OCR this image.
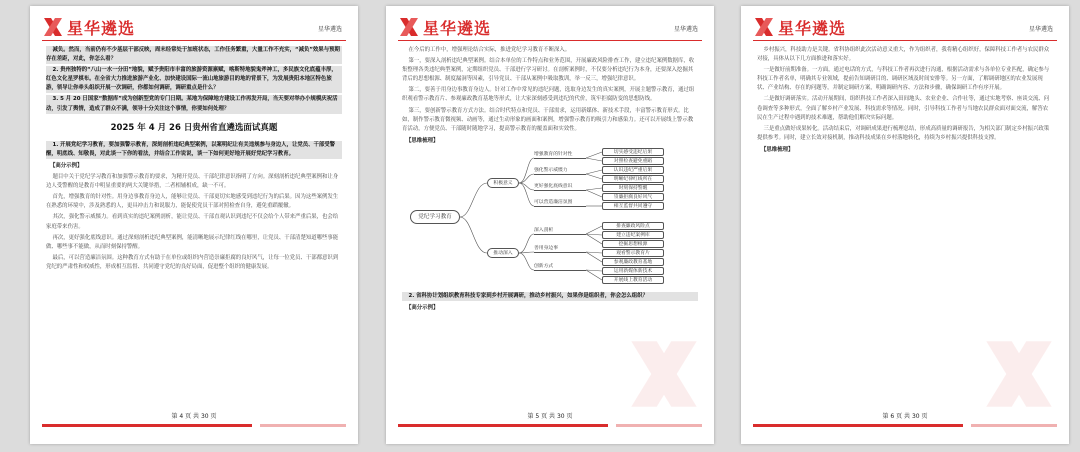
星华遴选	星华遴选

减负。然而，当前仍有不少基层干部反映，周末经常处于加班状态，工作任务繁重，大量工作不充实，“减负”效果与预期存在差距，对此，你怎么看？

2. 贵州独特的“八山一水一分田”地貌，赋予贵阳市丰富的旅游资源禀赋，喀斯特地貌鬼斧神工，多民族文化底蕴丰厚，红色文化星罗棋布。在全省大力推进旅游产业化、加快建设国际一流山地旅游目的地的背景下，为发展贵阳本地区特色旅游，领导让你牵头组织开展一次调研，你都如何调研，调研重点是什么？

3. 5 月 20 日国家“数据库”成为创新型党的专门日期。某地为保障地方建设工作再发开局，当天要对举办小规模庆祝活动，引发了舆情，造成了群众不满，领导十分关注这个事情，你要如何处理？

2025 年 4 月 26 日贵州省直遴选面试真题

1. 开展党纪学习教育，要加强警示教育，深刻剖析违纪典型案例，以案明纪让有关违规参与身边人，让党员、干部受警醒，明底线、知敬畏，对此谈一下你的看法，并结合工作说说，谈一下如何更好地开展好党纪学习教育。

【高分示例】

题目中关于党纪学习教育和加强警示教育的要求，为精开党员、干部纪律意识指明了方向。深刻剖析违纪典型案例和让身边人受警醒的是教育中明显重要的两大关键举措，二者相辅相成，缺一不可。

首先，增强教育的针对性。用身边事教育身边人，能够让党员、干部更切实地感受到违纪行为的后果。因为这些案例发生在熟悉的环境中，涉及熟悉的人，更具冲击力和说服力，能促使党员干部对照检查自身，避免重蹈覆辙。

其次，强化警示威慑力。看到真实的违纪案例剖析，能让党员、干部直观认识到违纪不仅会给个人带来严重后果，也会给家庭带来伤害。

再次，更好强化底线意识。通过深刻剖析违纪典型案例，能清晰地展示纪律红线在哪里，让党员、干部清楚知道哪些事能做、哪些事不能做，从而时刻保持警醒。

最后，可以营造廉洁氛围。这种教育方式有助于在单位或组织内营造崇廉拒腐的良好风气，让每一位党员、干部都意识到党纪的严肃性和权威性，形成相互监督、共同遵守党纪的良好局面，促进整个组织的健康发展。

第 4 页 共 30 页
星华遴选	星华遴选

在今后的工作中，增强理论结合实际，推进党纪学习教育不断深入。

第一，要深入剖析违纪典型案例。结合本单位的工作特点和业务范围，开展廉政风险排查工作，建立违纪案例数据库，收集整理各类违纪典型案例，定期组织党员、干部进行学习研讨。在剖析案例时，不仅要分析违纪行为本身，还要深入挖掘其背后的思想根源、制度漏洞等因素，引导党员、干部从案例中吸取教训，举一反三，增强纪律意识。

第二，要善于用身边事教育身边人。针对工作中常见的违纪问题，选取身边发生的真实案例，开展主题警示教育，通过组织观看警示教育片、参观廉政教育基地等形式，让大家深刻感受到违纪的代价，筑牢拒腐防变的思想防线。

第三，要创新警示教育方式方法。结合时代特点和党员、干部需求，运用新媒体、新技术手段，丰富警示教育形式。比如，制作警示教育微视频、动画等，通过生动形象的画面和案例，增强警示教育的吸引力和感染力。还可以开展线上警示教育活动，方便党员、干部随时随地学习，提高警示教育的覆盖面和实效性。

【思维梳理】

党纪学习教育
积极意义
推动深入
增强教育的针对性
强化警示威慑力
更好强化底线意识
可以营造廉洁氛围
深入剖析
善用身边事
创新方式
切实感受违纪后果
对照检查避免重蹈
认识违纪严重后果
明晰纪律红线所在
时刻保持警醒
崇廉拒腐良好风气
相互监督共同遵守
排查廉政风险点
建立违纪案例库
挖掘思想根源
观看警示教育片
参观廉政教育基地
运用新媒体新技术
开展线上教育活动

2. 省科协计划组织教育科技专家到乡村开展调研，推动乡村振兴，如果你是组织者，你会怎么组织？

【高分示例】

第 5 页 共 30 页
星华遴选	星华遴选

乡村振兴，科技助力是关键。省科协组织此次活动意义重大，作为组织者，我将精心组织好，保障科技工作者与农民群众对接，具体从以下几方面推进和落实好。

一是做好前期准备。一方面，通过电话的方式，与科技工作者再次进行沟通，根据活动需求与各单位专业匹配，确定参与科技工作者名单，明确其专业领域，提前告知调研目的、调研区域及时间安排等。另一方面，了解调研地区的农业发展现状、产业结构、存在的问题等，并制定调研方案，明确调研内容、方法和步骤，确保调研工作有序开展。

二是做好调研落实。活动开展期间，组织科技工作者深入田间地头、农业企业、合作社等，通过实地考察、座谈交流、问卷调查等多种形式，全面了解乡村产业发展、科技需求等情况。同时，引导科技工作者与当地农民群众面对面交流，解答农民在生产过程中遇到的技术难题，帮助他们解决实际问题。

三是重点做好成果转化。活动结束后，对调研成果进行梳理总结，形成高质量的调研报告，为相关部门制定乡村振兴政策提供参考。同时，建立长效对接机制，推动科技成果在乡村落地转化，持续为乡村振兴提供科技支撑。

【思维梳理】

第 6 页 共 30 页
